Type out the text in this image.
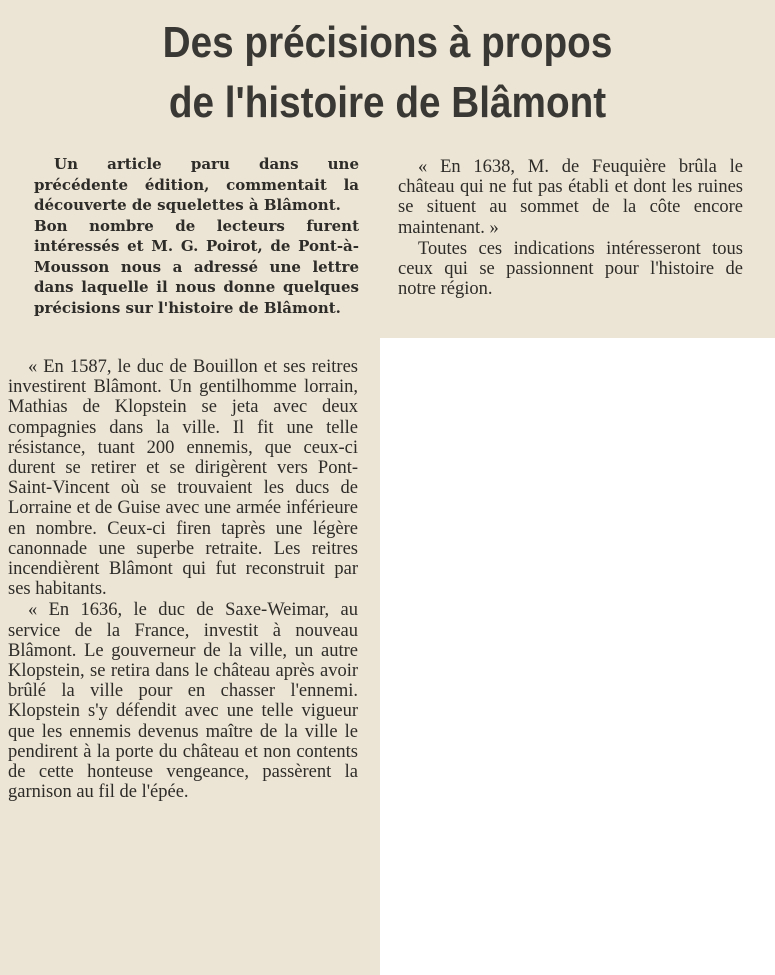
Des précisions à propos
de l'histoire de Blâmont

Un article paru dans une précédente édition, commentait la découverte de squelettes à Blâmont.

Bon nombre de lecteurs furent intéressés et M. G. Poirot, de Pont-à-Mousson nous a adressé une lettre dans laquelle il nous donne quelques précisions sur l'histoire de Blâmont.

« En 1587, le duc de Bouillon et ses reitres investirent Blâmont. Un gentilhomme lorrain, Mathias de Klopstein se jeta avec deux compagnies dans la ville. Il fit une telle résistance, tuant 200 ennemis, que ceux-ci durent se retirer et se dirigèrent vers Pont-Saint-Vincent où se trouvaient les ducs de Lorraine et de Guise avec une armée inférieure en nombre. Ceux-ci firen taprès une légère canonnade une superbe retraite. Les reitres incendièrent Blâmont qui fut reconstruit par ses habitants.

« En 1636, le duc de Saxe-Weimar, au service de la France, investit à nouveau Blâmont. Le gouverneur de la ville, un autre Klopstein, se retira dans le château après avoir brûlé la ville pour en chasser l'ennemi. Klopstein s'y défendit avec une telle vigueur que les ennemis devenus maître de la ville le pendirent à la porte du château et non contents de cette honteuse vengeance, passèrent la garnison au fil de l'épée.

« En 1638, M. de Feuquière brûla le château qui ne fut pas établi et dont les ruines se situent au sommet de la côte encore maintenant. »

Toutes ces indications intéresseront tous ceux qui se passionnent pour l'histoire de notre région.
